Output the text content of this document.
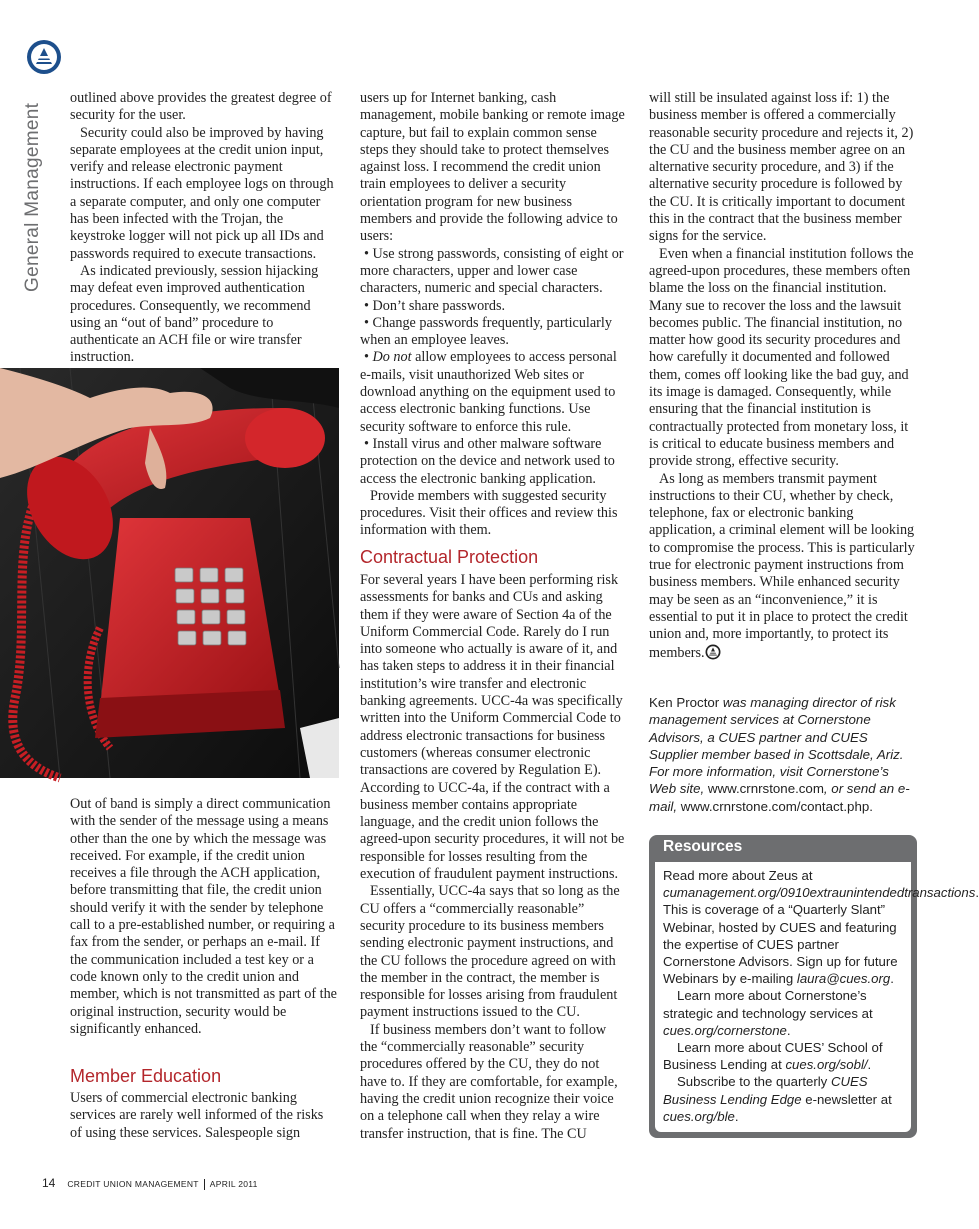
General Management

outlined above provides the greatest degree of security for the user.

Security could also be improved by having separate employees at the credit union input, verify and release electronic payment instructions. If each employee logs on through a separate computer, and only one computer has been infected with the Trojan, the keystroke logger will not pick up all IDs and passwords required to execute transactions.

As indicated previously, session hijacking may defeat even improved authentication procedures. Consequently, we recommend using an “out of band” procedure to authenticate an ACH file or wire transfer instruction.

Out of band is simply a direct communication with the sender of the message using a means other than the one by which the message was received. For example, if the credit union receives a file through the ACH application, before transmitting that file, the credit union should verify it with the sender by telephone call to a pre-established number, or requiring a fax from the sender, or perhaps an e-mail. If the communication included a test key or a code known only to the credit union and member, which is not transmitted as part of the original instruction, security would be significantly enhanced.

Member Education

Users of commercial electronic banking services are rarely well informed of the risks of using these services. Salespeople sign

users up for Internet banking, cash management, mobile banking or remote image capture, but fail to explain common sense steps they should take to protect themselves against loss. I recommend the credit union train employees to deliver a security orientation program for new business members and provide the following advice to users:

• Use strong passwords, consisting of eight or more characters, upper and lower case characters, numeric and special characters.

• Don’t share passwords.

• Change passwords frequently, particularly when an employee leaves.

• Do not allow employees to access personal e-mails, visit unauthorized Web sites or download anything on the equipment used to access electronic banking functions. Use security software to enforce this rule.

• Install virus and other malware software protection on the device and network used to access the electronic banking application.

Provide members with suggested security procedures. Visit their offices and review this information with them.

Contractual Protection

For several years I have been performing risk assessments for banks and CUs and asking them if they were aware of Section 4a of the Uniform Commercial Code. Rarely do I run into someone who actually is aware of it, and has taken steps to address it in their financial institution’s wire transfer and electronic banking agreements. UCC-4a was specifically written into the Uniform Commercial Code to address electronic transactions for business customers (whereas consumer electronic transactions are covered by Regulation E). According to UCC-4a, if the contract with a business member contains appropriate language, and the credit union follows the agreed-upon security procedures, it will not be responsible for losses resulting from the execution of fraudulent payment instructions.

Essentially, UCC-4a says that so long as the CU offers a “commercially reasonable” security procedure to its business members sending electronic payment instructions, and the CU follows the procedure agreed on with the member in the contract, the member is responsible for losses arising from fraudulent payment instructions issued to the CU.

If business members don’t want to follow the “commercially reasonable” security procedures offered by the CU, they do not have to. If they are comfortable, for example, having the credit union recognize their voice on a telephone call when they relay a wire transfer instruction, that is fine. The CU

will still be insulated against loss if: 1) the business member is offered a commercially reasonable security procedure and rejects it, 2) the CU and the business member agree on an alternative security procedure, and 3) if the alternative security procedure is followed by the CU. It is critically important to document this in the contract that the business member signs for the service.

Even when a financial institution follows the agreed-upon procedures, these members often blame the loss on the financial institution. Many sue to recover the loss and the lawsuit becomes public. The financial institution, no matter how good its security procedures and how carefully it documented and followed them, comes off looking like the bad guy, and its image is damaged. Consequently, while ensuring that the financial institution is contractually protected from monetary loss, it is critical to educate business members and provide strong, effective security.

As long as members transmit payment instructions to their CU, whether by check, telephone, fax or electronic banking application, a criminal element will be looking to compromise the process. This is particularly true for electronic payment instructions from business members. While enhanced security may be seen as an “inconvenience,” it is essential to put it in place to protect the credit union and, more importantly, to protect its members.

Ken Proctor was managing director of risk management services at Cornerstone Advisors, a CUES partner and CUES Supplier member based in Scottsdale, Ariz. For more information, visit Cornerstone’s Web site, www.crnrstone.com, or send an e-mail, www.crnrstone.com/contact.php.
Resources

Read more about Zeus at cumanagement.org/0910extraunintendedtransactions. This is coverage of a “Quarterly Slant” Webinar, hosted by CUES and featuring the expertise of CUES partner Cornerstone Advisors. Sign up for future Webinars by e-mailing laura@cues.org.

Learn more about Cornerstone’s strategic and technology services at cues.org/cornerstone.

Learn more about CUES’ School of Business Lending at cues.org/sobl/.

Subscribe to the quarterly CUES Business Lending Edge e-newsletter at cues.org/ble.

14 CREDIT UNION MANAGEMENT APRIL 2011
